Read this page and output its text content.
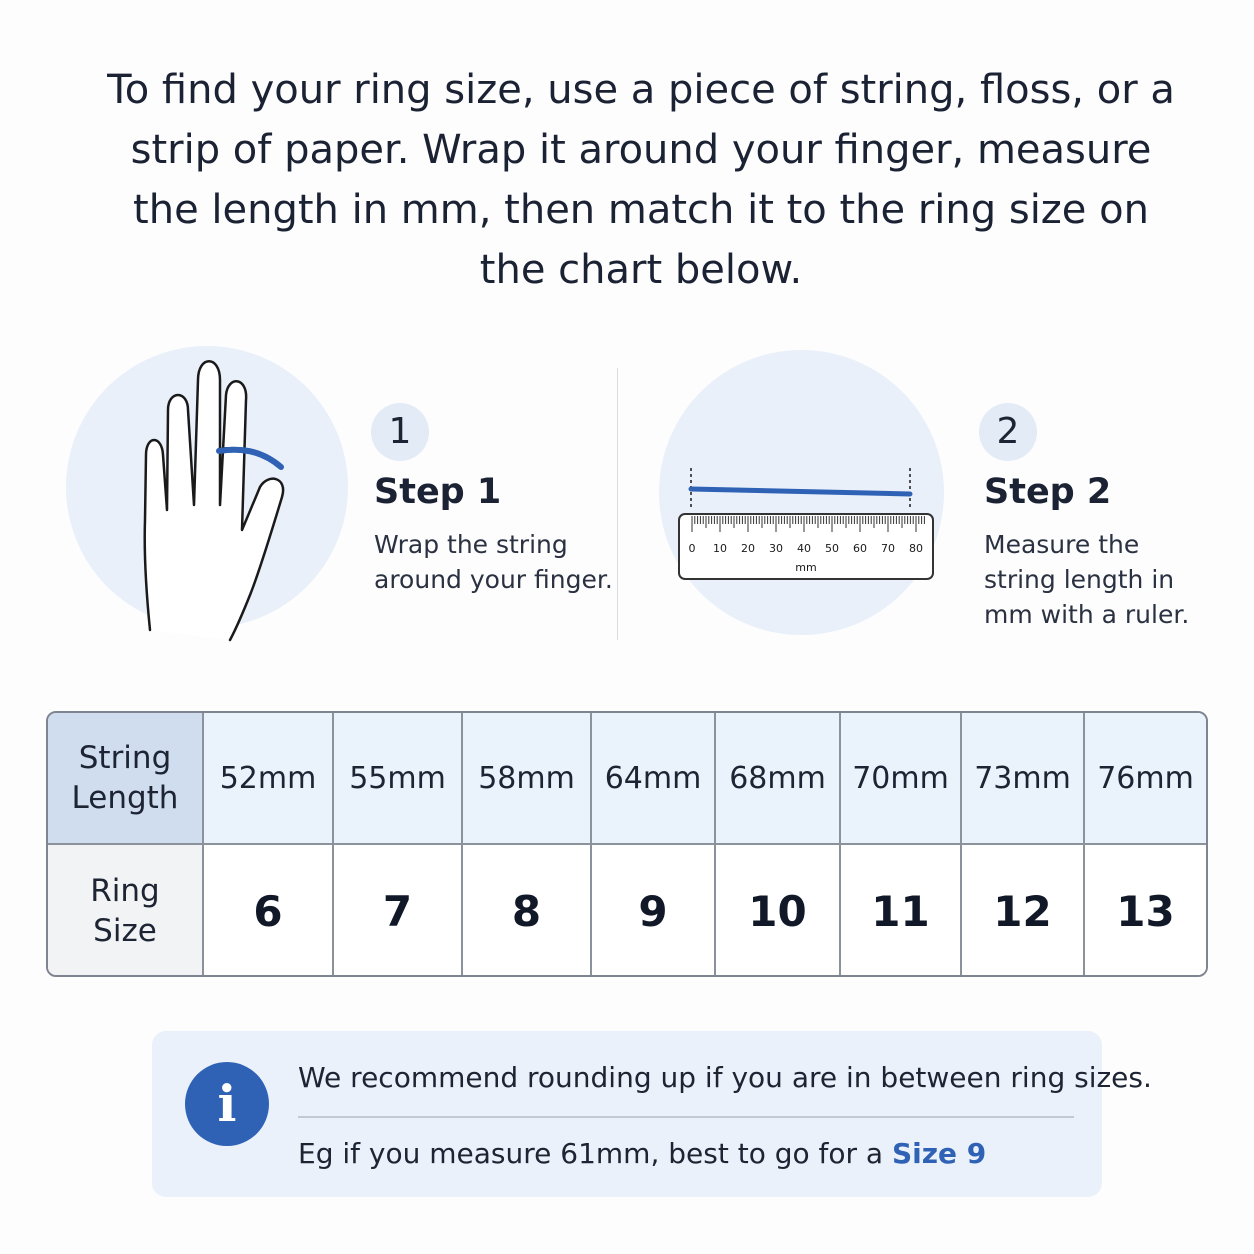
To find your ring size, use a piece of string, floss, or a strip of paper. Wrap it around your finger, measure the length in mm, then match it to the ring size on the chart below.

1
Step 1

Wrap the string around your finger.

0 10 20 30 40 50 60 70 80
mm
2
Step 2

Measure the string length in mm with a ruler.

String
Length
52mm	55mm	58mm 64mm 68mm 70mm 73mm 76mm
Ring
Size	6	7	8	9	10	11	12	13
i	We recommend rounding up if you are in between ring sizes.

Eg if you measure 61mm, best to go for a Size 9
